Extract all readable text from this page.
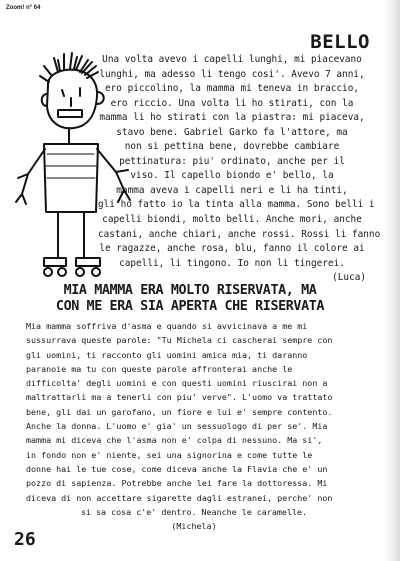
Zoom! n° 64
BELLO
Una volta avevo i capelli lunghi, mi piacevano
lunghi, ma adesso li tengo cosi'. Avevo 7 anni,
ero piccolino, la mamma mi teneva in braccio,
ero riccio. Una volta li ho stirati, con la
mamma li ho stirati con la piastra: mi piaceva,
stavo bene. Gabriel Garko fa l'attore, ma
non si pettina bene, dovrebbe cambiare
pettinatura: piu' ordinato, anche per il
viso. Il capello biondo e' bello, la
mamma aveva i capelli neri e li ha tinti,
gli ho fatto io la tinta alla mamma. Sono belli i
capelli biondi, molto belli. Anche mori, anche
castani, anche chiari, anche rossi. Rossi li fanno
le ragazze, anche rosa, blu, fanno il colore ai
capelli, li tingono. Io non li tingerei.
(Luca)
MIA MAMMA ERA MOLTO RISERVATA, MA
CON ME ERA SIA APERTA CHE RISERVATA
Mia mamma soffriva d'asma e quando si avvicinava a me mi
sussurrava queste parole: "Tu Michela ci cascherai sempre con
gli uomini, ti racconto gli uomini amica mia, ti daranno
paranoie ma tu con queste parole affronterai anche le
difficolta' degli uomini e con questi uomini riuscirai non a
maltrattarli ma a tenerli con piu' verve". L'uomo va trattato
bene, gli dai un garofano, un fiore e lui e' sempre contento.
Anche la donna. L'uomo e' gia' un sessuologo di per se'. Mia
mamma mi diceva che l'asma non e' colpa di nessuno. Ma si',
in fondo non e' niente, sei una signorina e come tutte le
donne hai le tue cose, come diceva anche la Flavia che e' un
pozzo di sapienza. Potrebbe anche lei fare la dottoressa. Mi
diceva di non accettare sigarette dagli estranei, perche' non
si sa cosa c'e' dentro. Neanche le caramelle.
(Michela)
26
